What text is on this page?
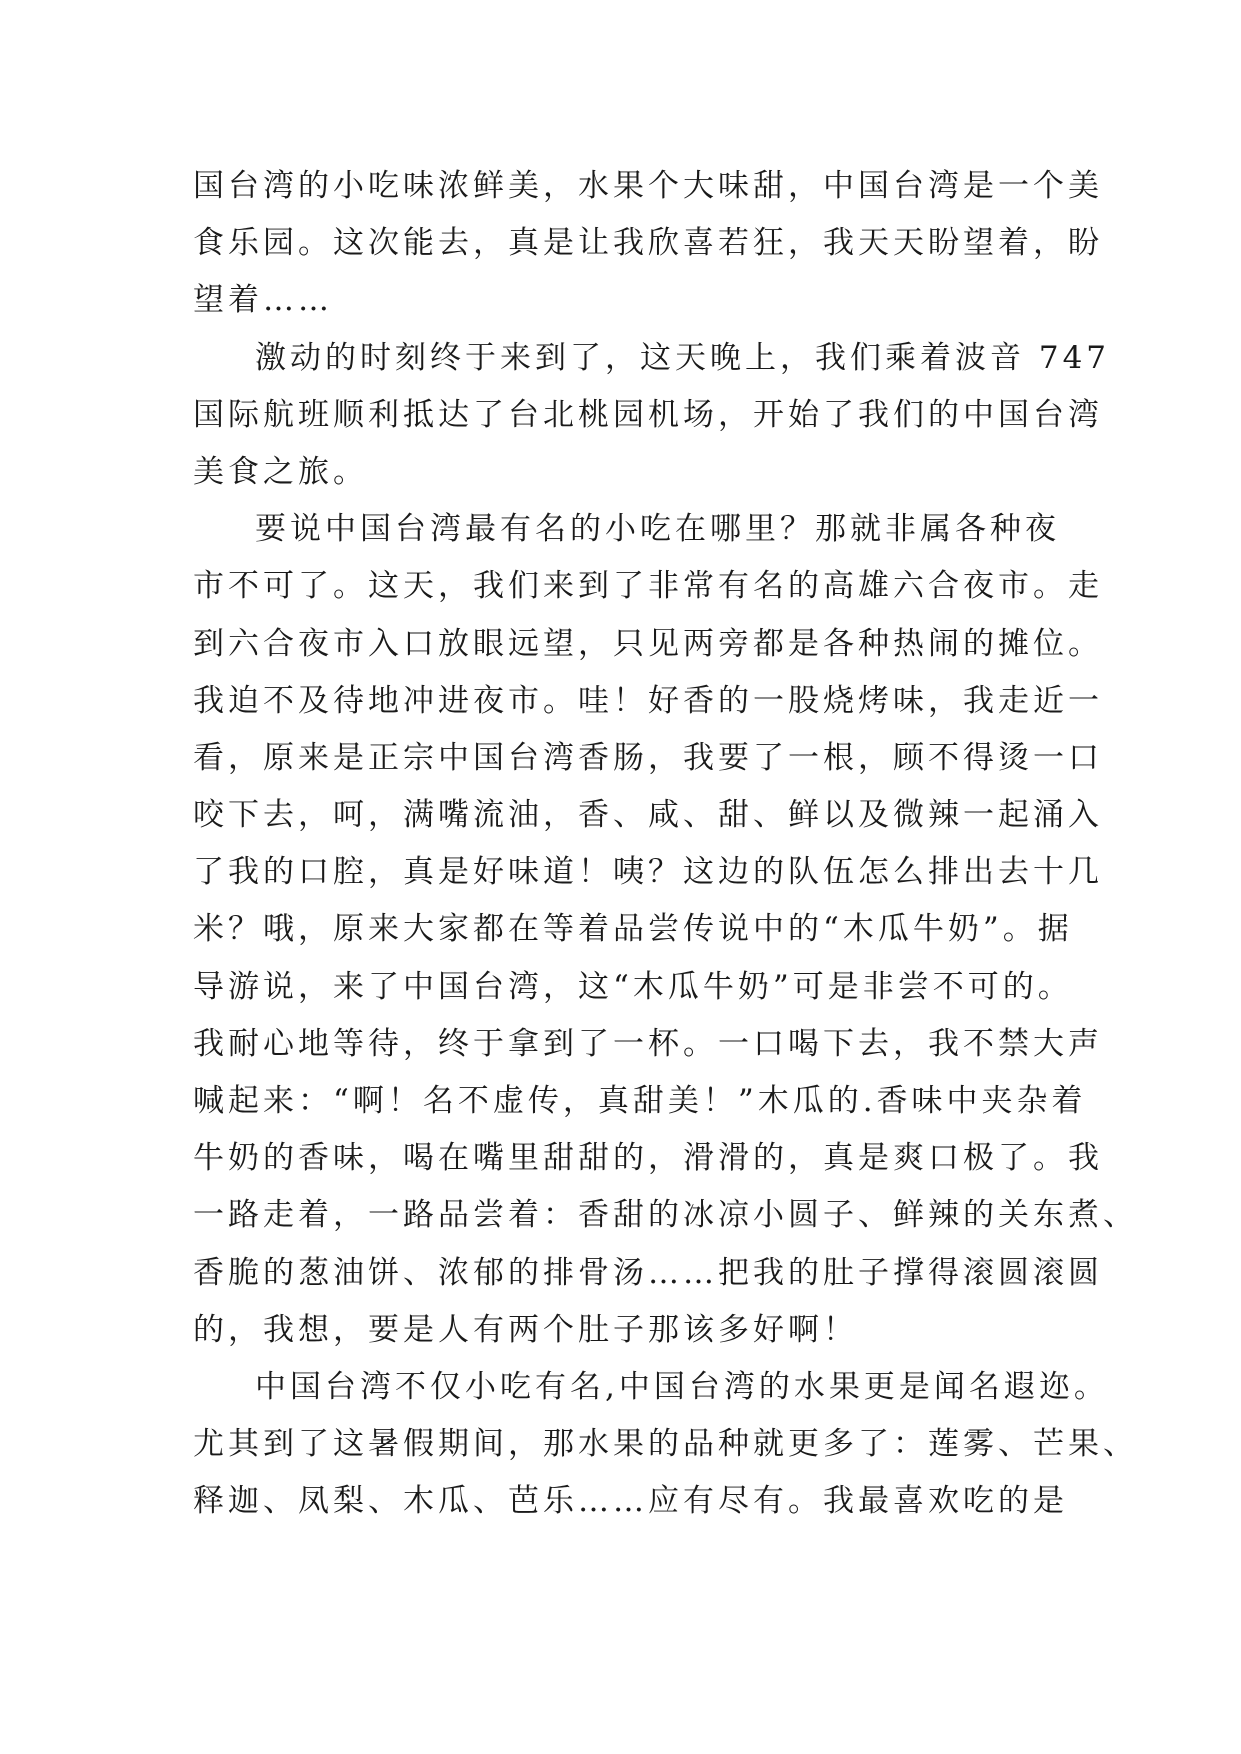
国台湾的小吃味浓鲜美，水果个大味甜，中国台湾是一个美
食乐园。这次能去，真是让我欣喜若狂，我天天盼望着，盼
望着……
激动的时刻终于来到了，这天晚上，我们乘着波音 747
国际航班顺利抵达了台北桃园机场，开始了我们的中国台湾
美食之旅。
要说中国台湾最有名的小吃在哪里？那就非属各种夜
市不可了。这天，我们来到了非常有名的高雄六合夜市。走
到六合夜市入口放眼远望，只见两旁都是各种热闹的摊位。
我迫不及待地冲进夜市。哇！好香的一股烧烤味，我走近一
看，原来是正宗中国台湾香肠，我要了一根，顾不得烫一口
咬下去，呵，满嘴流油，香、咸、甜、鲜以及微辣一起涌入
了我的口腔，真是好味道！咦？这边的队伍怎么排出去十几
米？哦，原来大家都在等着品尝传说中的“木瓜牛奶”。据
导游说，来了中国台湾，这“木瓜牛奶”可是非尝不可的。
我耐心地等待，终于拿到了一杯。一口喝下去，我不禁大声
喊起来：“啊！名不虚传，真甜美！”木瓜的.香味中夹杂着
牛奶的香味，喝在嘴里甜甜的，滑滑的，真是爽口极了。我
一路走着，一路品尝着：香甜的冰凉小圆子、鲜辣的关东煮、
香脆的葱油饼、浓郁的排骨汤……把我的肚子撑得滚圆滚圆
的，我想，要是人有两个肚子那该多好啊！
中国台湾不仅小吃有名,中国台湾的水果更是闻名遐迩。
尤其到了这暑假期间，那水果的品种就更多了：莲雾、芒果、
释迦、凤梨、木瓜、芭乐……应有尽有。我最喜欢吃的是
